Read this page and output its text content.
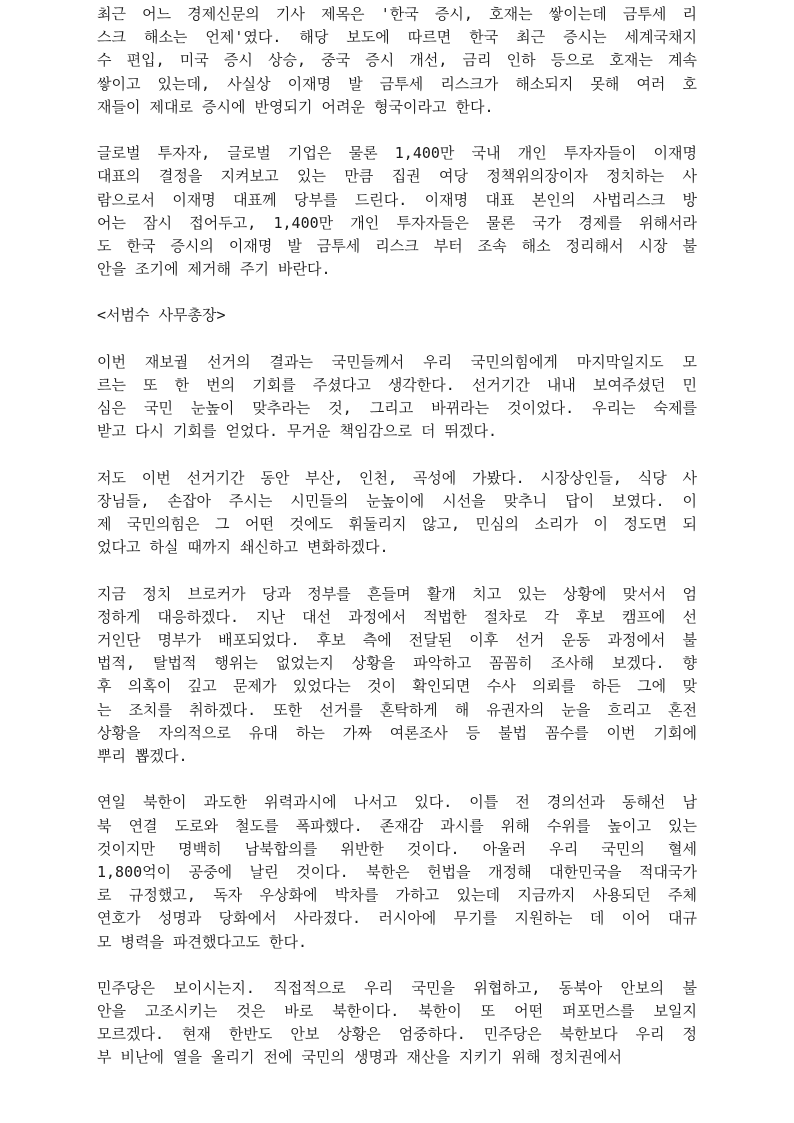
최근 어느 경제신문의 기사 제목은 '한국 증시, 호재는 쌓이는데 금투세 리
스크 해소는 언제'였다. 해당 보도에 따르면 한국 최근 증시는 세계국채지
수 편입, 미국 증시 상승, 중국 증시 개선, 금리 인하 등으로 호재는 계속
쌓이고 있는데, 사실상 이재명 발 금투세 리스크가 해소되지 못해 여러 호
재들이 제대로 증시에 반영되기 어려운 형국이라고 한다.
글로벌 투자자, 글로벌 기업은 물론 1,400만 국내 개인 투자자들이 이재명
대표의 결정을 지켜보고 있는 만큼 집권 여당 정책위의장이자 정치하는 사
람으로서 이재명 대표께 당부를 드린다. 이재명 대표 본인의 사법리스크 방
어는 잠시 접어두고, 1,400만 개인 투자자들은 물론 국가 경제를 위해서라
도 한국 증시의 이재명 발 금투세 리스크 부터 조속 해소 정리해서 시장 불
안을 조기에 제거해 주기 바란다.
<서범수 사무총장>
이번 재보궐 선거의 결과는 국민들께서 우리 국민의힘에게 마지막일지도 모
르는 또 한 번의 기회를 주셨다고 생각한다. 선거기간 내내 보여주셨던 민
심은 국민 눈높이 맞추라는 것, 그리고 바뀌라는 것이었다. 우리는 숙제를
받고 다시 기회를 얻었다. 무거운 책임감으로 더 뛰겠다.
저도 이번 선거기간 동안 부산, 인천, 곡성에 가봤다. 시장상인들, 식당 사
장님들, 손잡아 주시는 시민들의 눈높이에 시선을 맞추니 답이 보였다. 이
제 국민의힘은 그 어떤 것에도 휘둘리지 않고, 민심의 소리가 이 정도면 되
었다고 하실 때까지 쇄신하고 변화하겠다.
지금 정치 브로커가 당과 정부를 흔들며 활개 치고 있는 상황에 맞서서 엄
정하게 대응하겠다. 지난 대선 과정에서 적법한 절차로 각 후보 캠프에 선
거인단 명부가 배포되었다. 후보 측에 전달된 이후 선거 운동 과정에서 불
법적, 탈법적 행위는 없었는지 상황을 파악하고 꼼꼼히 조사해 보겠다. 향
후 의혹이 깊고 문제가 있었다는 것이 확인되면 수사 의뢰를 하든 그에 맞
는 조치를 취하겠다. 또한 선거를 혼탁하게 해 유권자의 눈을 흐리고 혼전
상황을 자의적으로 유대 하는 가짜 여론조사 등 불법 꼼수를 이번 기회에
뿌리 뽑겠다.
연일 북한이 과도한 위력과시에 나서고 있다. 이틀 전 경의선과 동해선 남
북 연결 도로와 철도를 폭파했다. 존재감 과시를 위해 수위를 높이고 있는
것이지만 명백히 남북합의를 위반한 것이다. 아울러 우리 국민의 혈세
1,800억이 공중에 날린 것이다. 북한은 헌법을 개정해 대한민국을 적대국가
로 규정했고, 독자 우상화에 박차를 가하고 있는데 지금까지 사용되던 주체
연호가 성명과 당화에서 사라졌다. 러시아에 무기를 지원하는 데 이어 대규
모 병력을 파견했다고도 한다.
민주당은 보이시는지. 직접적으로 우리 국민을 위협하고, 동북아 안보의 불
안을 고조시키는 것은 바로 북한이다. 북한이 또 어떤 퍼포먼스를 보일지
모르겠다. 현재 한반도 안보 상황은 엄중하다. 민주당은 북한보다 우리 정
부 비난에 열을 올리기 전에 국민의 생명과 재산을 지키기 위해 정치권에서
